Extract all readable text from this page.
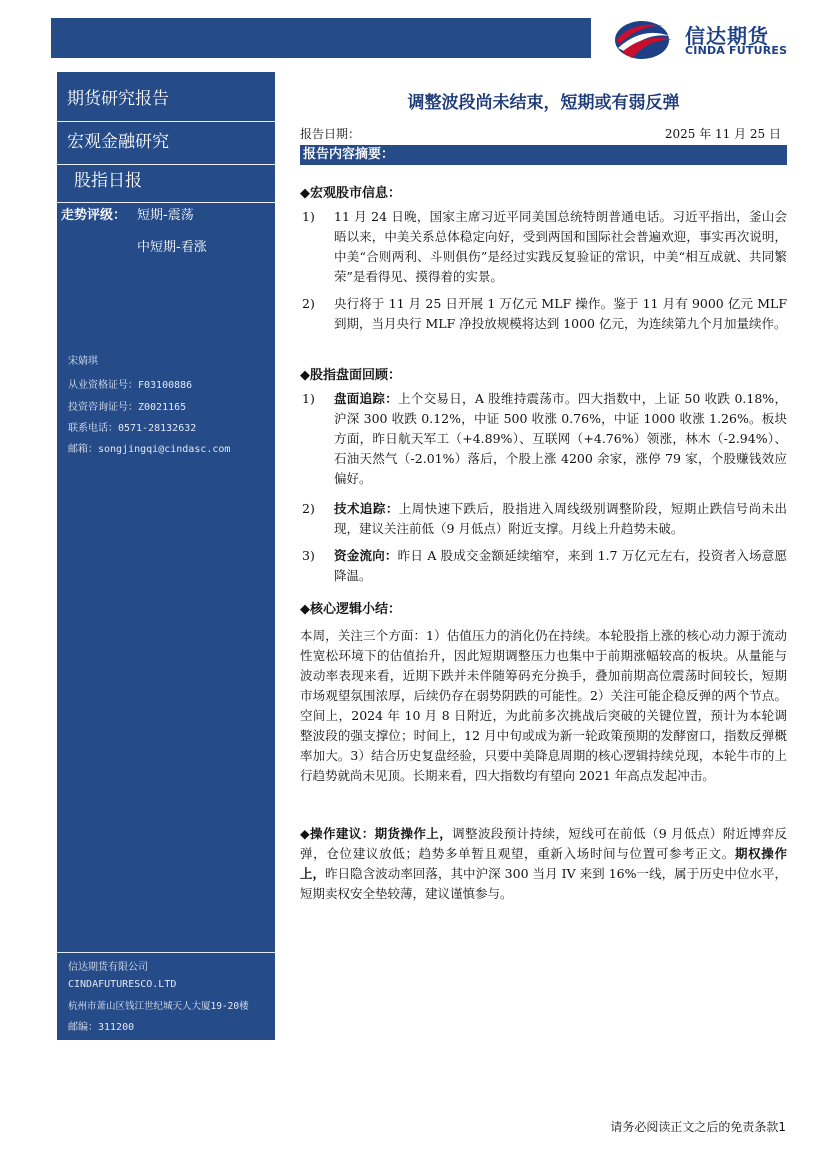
信达期货
CINDA FUTURES
期货研究报告
宏观金融研究
股指日报
走势评级： 短期-震荡
中短期-看涨
宋婧琪
从业资格证号：F03100886
投资咨询证号：Z0021165
联系电话：0571-28132632
邮箱：songjingqi@cindasc.com
信达期货有限公司
CINDAFUTURESCO.LTD
杭州市萧山区钱江世纪城天人大厦19-20楼
邮编：311200
调整波段尚未结束，短期或有弱反弹
报告日期：	2025 年 11 月 25 日
报告内容摘要：
◆宏观股市信息：
1) 11 月 24 日晚，国家主席习近平同美国总统特朗普通电话。习近平指出，釜山会晤以来，中美关系总体稳定向好，受到两国和国际社会普遍欢迎，事实再次说明，中美“合则两利、斗则俱伤”是经过实践反复验证的常识，中美“相互成就、共同繁荣”是看得见、摸得着的实景。
2) 央行将于 11 月 25 日开展 1 万亿元 MLF 操作。鉴于 11 月有 9000 亿元 MLF 到期，当月央行 MLF 净投放规模将达到 1000 亿元，为连续第九个月加量续作。
◆股指盘面回顾：
1) 盘面追踪：上个交易日，A 股维持震荡市。四大指数中，上证 50 收跌 0.18%，沪深 300 收跌 0.12%，中证 500 收涨 0.76%，中证 1000 收涨 1.26%。板块方面，昨日航天军工（+4.89%）、互联网（+4.76%）领涨，林木（-2.94%）、石油天然气（-2.01%）落后，个股上涨 4200 余家，涨停 79 家，个股赚钱效应偏好。
2) 技术追踪：上周快速下跌后，股指进入周线级别调整阶段，短期止跌信号尚未出现，建议关注前低（9 月低点）附近支撑。月线上升趋势未破。
3) 资金流向：昨日 A 股成交金额延续缩窄，来到 1.7 万亿元左右，投资者入场意愿降温。
◆核心逻辑小结：
本周，关注三个方面：1）估值压力的消化仍在持续。本轮股指上涨的核心动力源于流动性宽松环境下的估值抬升，因此短期调整压力也集中于前期涨幅较高的板块。从量能与波动率表现来看，近期下跌并未伴随筹码充分换手，叠加前期高位震荡时间较长，短期市场观望氛围浓厚，后续仍存在弱势阴跌的可能性。2）关注可能企稳反弹的两个节点。空间上，2024 年 10 月 8 日附近，为此前多次挑战后突破的关键位置，预计为本轮调整波段的强支撑位；时间上，12 月中旬或成为新一轮政策预期的发酵窗口，指数反弹概率加大。3）结合历史复盘经验，只要中美降息周期的核心逻辑持续兑现，本轮牛市的上行趋势就尚未见顶。长期来看，四大指数均有望向 2021 年高点发起冲击。
◆操作建议：期货操作上，调整波段预计持续，短线可在前低（9 月低点）附近博弈反弹，仓位建议放低；趋势多单暂且观望，重新入场时间与位置可参考正文。期权操作上，昨日隐含波动率回落，其中沪深 300 当月 IV 来到 16%一线，属于历史中位水平，短期卖权安全垫较薄，建议谨慎参与。
请务必阅读正文之后的免责条款1
